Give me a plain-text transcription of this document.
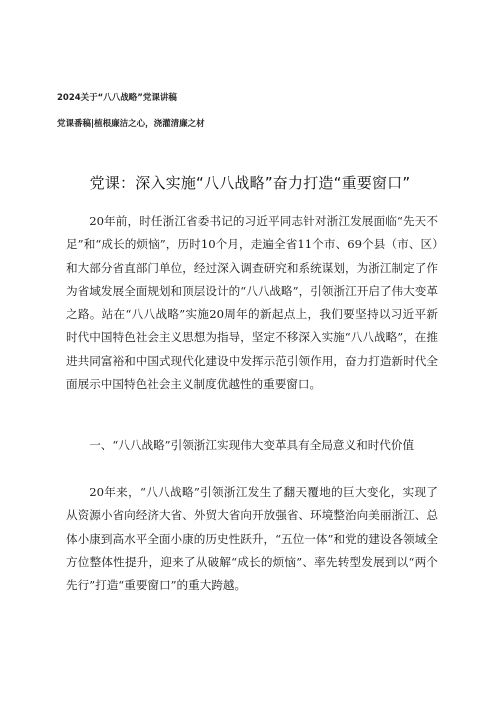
2024关于“八八战略”党课讲稿
党课番稿|植根廉洁之心，浇灌清廉之材
党课：深入实施“八八战略”奋力打造“重要窗口”
20年前，时任浙江省委书记的习近平同志针对浙江发展面临“先天不足”和“成长的烦恼”，历时10个月，走遍全省11个市、69个县（市、区）和大部分省直部门单位，经过深入调查研究和系统谋划，为浙江制定了作为省域发展全面规划和顶层设计的“八八战略”，引领浙江开启了伟大变革之路。站在“八八战略”实施20周年的新起点上，我们要坚持以习近平新时代中国特色社会主义思想为指导，坚定不移深入实施“八八战略”，在推进共同富裕和中国式现代化建设中发挥示范引领作用，奋力打造新时代全面展示中国特色社会主义制度优越性的重要窗口。
一、“八八战略”引领浙江实现伟大变革具有全局意义和时代价值
20年来，“八八战略”引领浙江发生了翻天覆地的巨大变化，实现了从资源小省向经济大省、外贸大省向开放强省、环境整治向美丽浙江、总体小康到高水平全面小康的历史性跃升，“五位一体”和党的建设各领域全方位整体性提升，迎来了从破解“成长的烦恼”、率先转型发展到以“两个先行”打造“重要窗口”的重大跨越。
